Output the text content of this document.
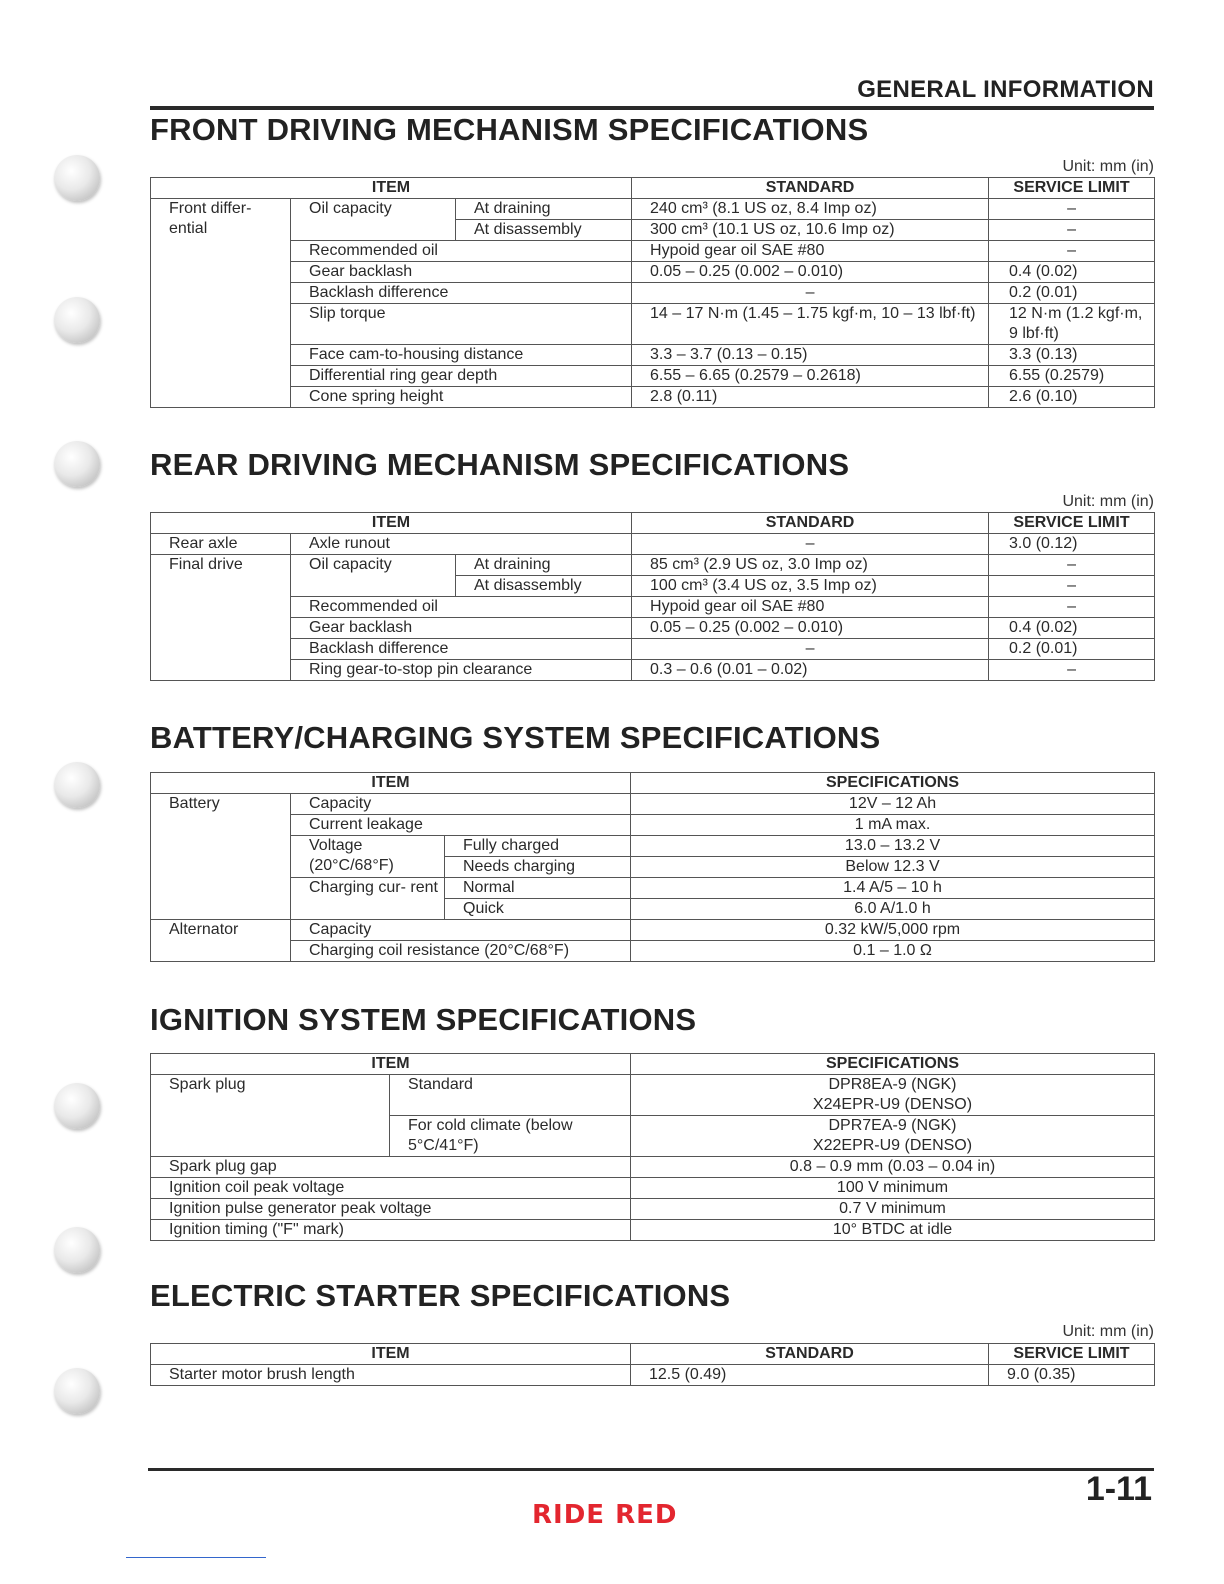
GENERAL INFORMATION
FRONT DRIVING MECHANISM SPECIFICATIONS
Unit: mm (in)
ITEM			STANDARD	SERVICE LIMIT
Front differ- ential	Oil capacity	At draining	240 cm³ (8.1 US oz, 8.4 Imp oz)	–
		At disassembly	300 cm³ (10.1 US oz, 10.6 Imp oz)	–
	Recommended oil		Hypoid gear oil SAE #80	–
	Gear backlash		0.05 – 0.25 (0.002 – 0.010)	0.4 (0.02)
	Backlash difference		–	0.2 (0.01)
	Slip torque		14 – 17 N·m (1.45 – 1.75 kgf·m, 10 – 13 lbf·ft)	12 N·m (1.2 kgf·m, 9 lbf·ft)
	Face cam-to-housing distance		3.3 – 3.7 (0.13 – 0.15)	3.3 (0.13)
	Differential ring gear depth		6.55 – 6.65 (0.2579 – 0.2618)	6.55 (0.2579)
	Cone spring height		2.8 (0.11)	2.6 (0.10)
REAR DRIVING MECHANISM SPECIFICATIONS
Unit: mm (in)
ITEM			STANDARD	SERVICE LIMIT
Rear axle	Axle runout		–	3.0 (0.12)
Final drive	Oil capacity	At draining	85 cm³ (2.9 US oz, 3.0 Imp oz)	–
		At disassembly	100 cm³ (3.4 US oz, 3.5 Imp oz)	–
	Recommended oil		Hypoid gear oil SAE #80	–
	Gear backlash		0.05 – 0.25 (0.002 – 0.010)	0.4 (0.02)
	Backlash difference		–	0.2 (0.01)
	Ring gear-to-stop pin clearance		0.3 – 0.6 (0.01 – 0.02)	–
BATTERY/CHARGING SYSTEM SPECIFICATIONS
ITEM			SPECIFICATIONS
Battery	Capacity		12V – 12 Ah
	Current leakage		1 mA max.
	Voltage (20°C/68°F)	Fully charged	13.0 – 13.2 V
		Needs charging	Below 12.3 V
	Charging cur- rent	Normal	1.4 A/5 – 10 h
		Quick	6.0 A/1.0 h
Alternator	Capacity		0.32 kW/5,000 rpm
	Charging coil resistance (20°C/68°F)		0.1 – 1.0 Ω
IGNITION SYSTEM SPECIFICATIONS
ITEM		SPECIFICATIONS
Spark plug	Standard	DPR8EA-9 (NGK)
X24EPR-U9 (DENSO)

	For cold climate (below 5°C/41°F)	DPR7EA-9 (NGK)
X22EPR-U9 (DENSO)

Spark plug gap		0.8 – 0.9 mm (0.03 – 0.04 in)
Ignition coil peak voltage		100 V minimum
Ignition pulse generator peak voltage		0.7 V minimum
Ignition timing ("F" mark)		10° BTDC at idle
ELECTRIC STARTER SPECIFICATIONS
Unit: mm (in)
ITEM	STANDARD	SERVICE LIMIT
Starter motor brush length	12.5 (0.49)	9.0 (0.35)
1-11
RIDE RED
